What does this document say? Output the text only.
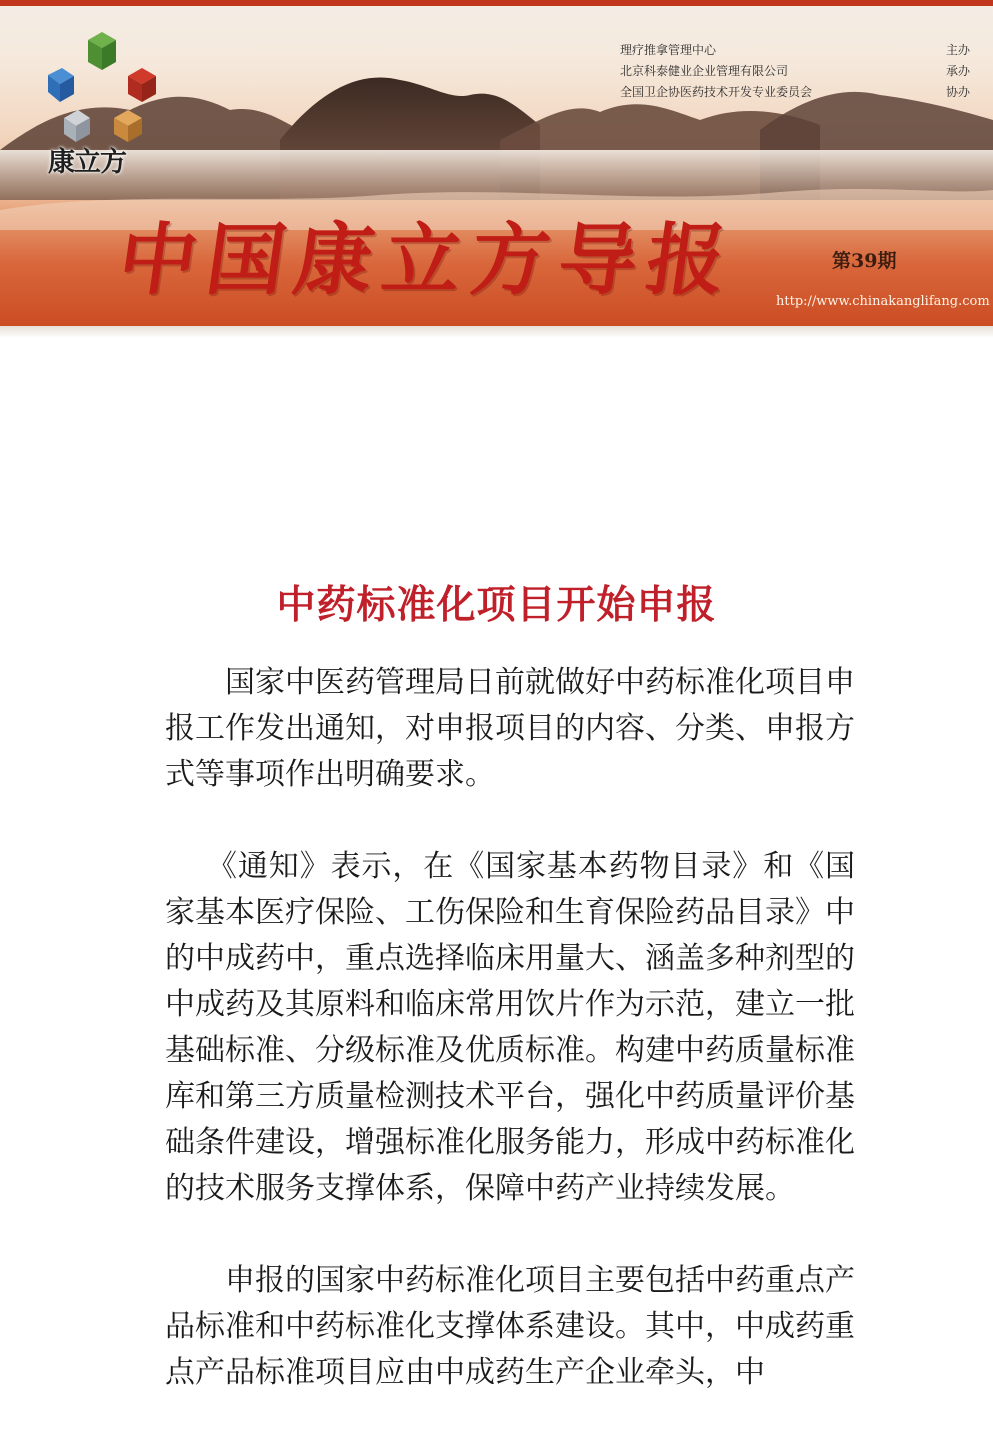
康立方
理疗推拿管理中心	主办
北京科泰健业企业管理有限公司	承办
全国卫企协医药技术开发专业委员会	协办
中国康立方导报	第39期
http://www.chinakanglifang.com
中药标准化项目开始申报

国家中医药管理局日前就做好中药标准化项目申报工作发出通知，对申报项目的内容、分类、申报方式等事项作出明确要求。

《通知》表示，在《国家基本药物目录》和《国家基本医疗保险、工伤保险和生育保险药品目录》中的中成药中，重点选择临床用量大、涵盖多种剂型的中成药及其原料和临床常用饮片作为示范，建立一批基础标准、分级标准及优质标准。构建中药质量标准库和第三方质量检测技术平台，强化中药质量评价基础条件建设，增强标准化服务能力，形成中药标准化的技术服务支撑体系，保障中药产业持续发展。

申报的国家中药标准化项目主要包括中药重点产品标准和中药标准化支撑体系建设。其中，中成药重点产品标准项目应由中成药生产企业牵头，中
